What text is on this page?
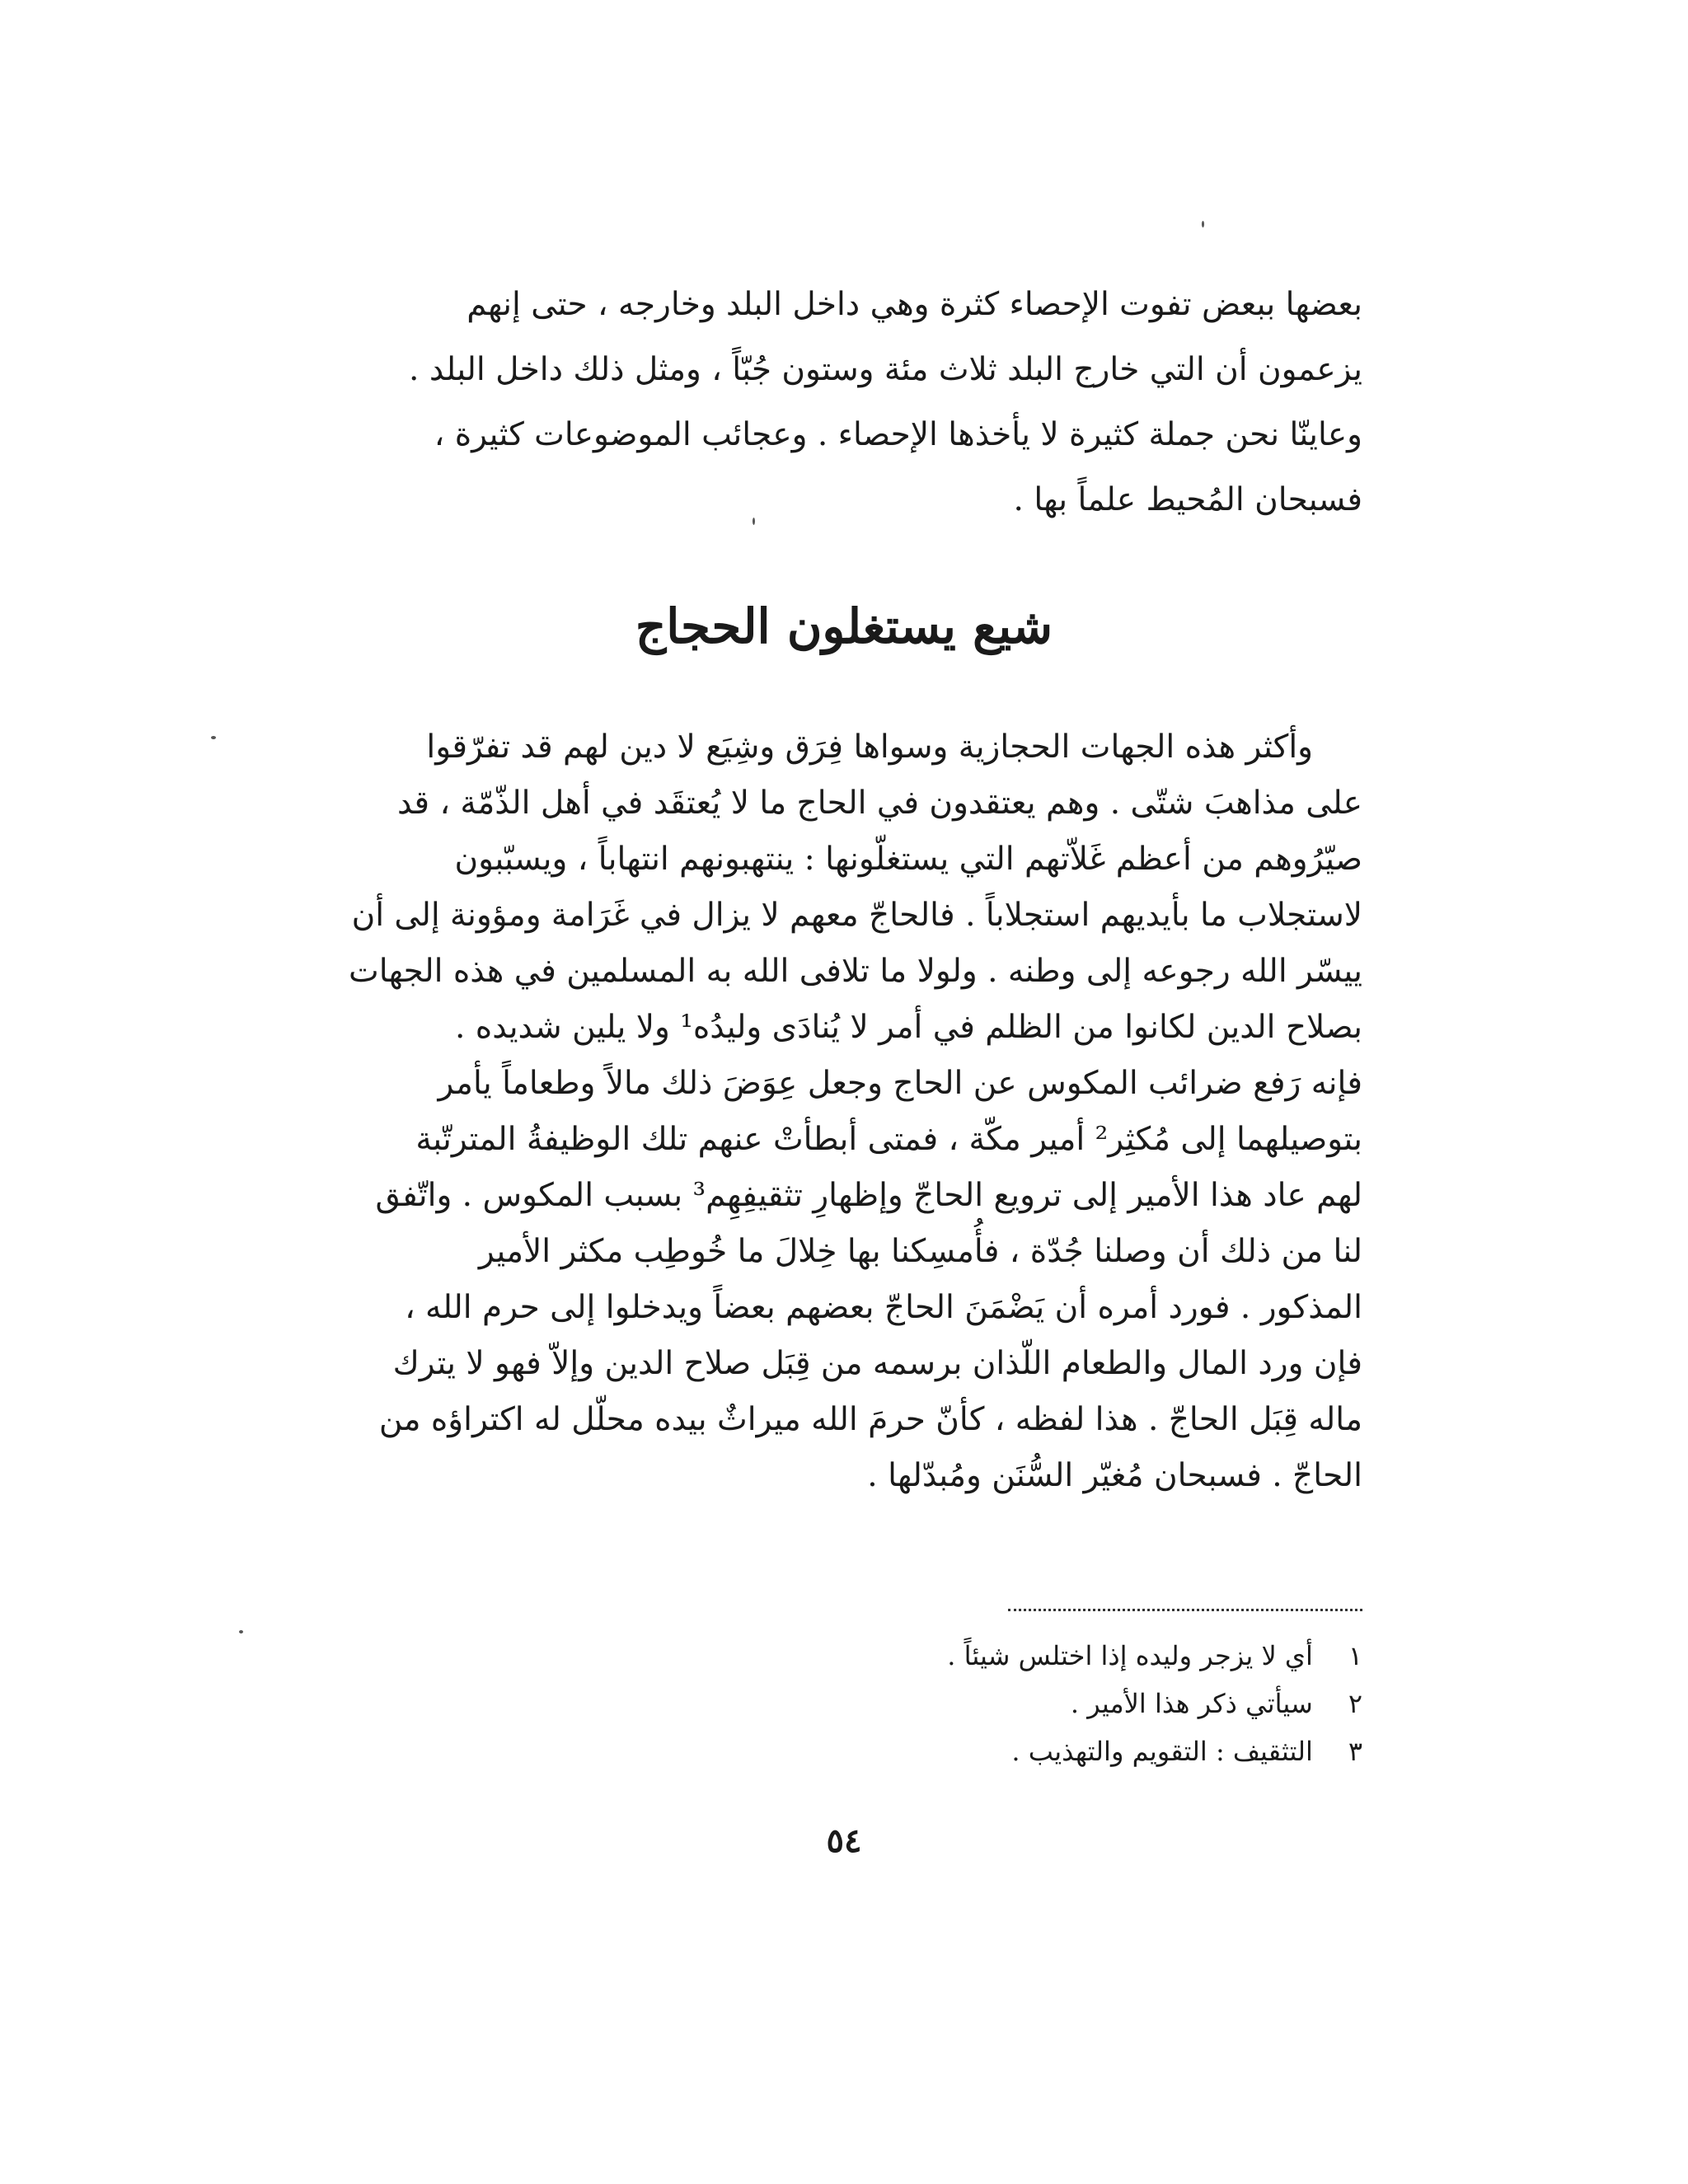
بعضها ببعض تفوت الإحصاء كثرة وهي داخل البلد وخارجه ، حتى إنهم
يزعمون أن التي خارج البلد ثلاث مئة وستون جُبّاً ، ومثل ذلك داخل البلد .
وعاينّا نحن جملة كثيرة لا يأخذها الإحصاء . وعجائب الموضوعات كثيرة ،
فسبحان المُحيط علماً بها .
شيع يستغلون الحجاج
وأكثر هذه الجهات الحجازية وسواها فِرَق وشِيَع لا دين لهم قد تفرّقوا
على مذاهبَ شتّى . وهم يعتقدون في الحاج ما لا يُعتقَد في أهل الذّمّة ، قد
صيّرُوهم من أعظم غَلاّتهم التي يستغلّونها : ينتهبونهم انتهاباً ، ويسبّبون
لاستجلاب ما بأيديهم استجلاباً . فالحاجّ معهم لا يزال في غَرَامة ومؤونة إلى أن
ييسّر الله رجوعه إلى وطنه . ولولا ما تلافى الله به المسلمين في هذه الجهات
بصلاح الدين لكانوا من الظلم في أمر لا يُنادَى وليدُه¹ ولا يلين شديده .
فإنه رَفع ضرائب المكوس عن الحاج وجعل عِوَضَ ذلك مالاً وطعاماً يأمر
بتوصيلهما إلى مُكثِر² أمير مكّة ، فمتى أبطأتْ عنهم تلك الوظيفةُ المترتّبة
لهم عاد هذا الأمير إلى ترويع الحاجّ وإظهارِ تثقيفِهِم³ بسبب المكوس . واتّفق
لنا من ذلك أن وصلنا جُدّة ، فأُمسِكنا بها خِلالَ ما خُوطِب مكثر الأمير
المذكور . فورد أمره أن يَضْمَنَ الحاجّ بعضهم بعضاً ويدخلوا إلى حرم الله ،
فإن ورد المال والطعام اللّذان برسمه من قِبَل صلاح الدين وإلاّ فهو لا يترك
ماله قِبَل الحاجّ . هذا لفظه ، كأنّ حرمَ الله ميراثٌ بيده محلّل له اكتراؤه من
الحاجّ . فسبحان مُغيّر السُّنَن ومُبدّلها .
١ أي لا يزجر وليده إذا اختلس شيئاً .
٢ سيأتي ذكر هذا الأمير .
٣ التثقيف : التقويم والتهذيب .
٥٤
